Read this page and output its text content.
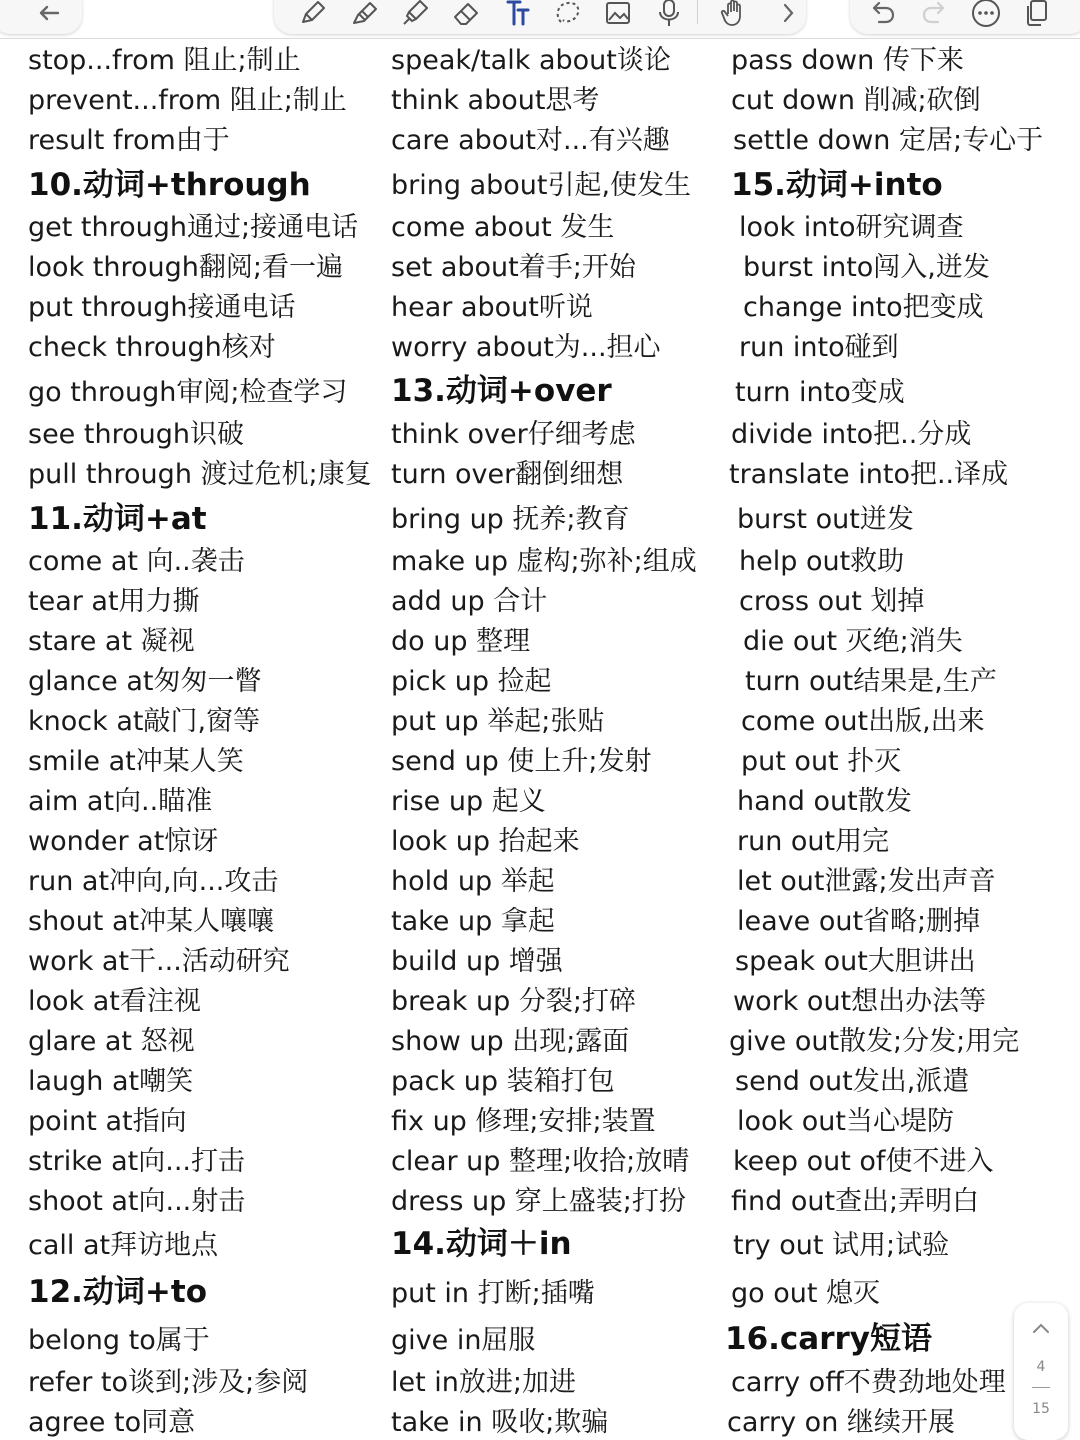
stop...from 阻止;制止
prevent...from 阻止;制止
result from由于
10.动词+through
get through通过;接通电话
look through翻阅;看一遍
put through接通电话
check through核对
go through审阅;检查学习
see through识破
pull through 渡过危机;康复
11.动词+at
come at 向..袭击
tear at用力撕
stare at 凝视
glance at匆匆一瞥
knock at敲门,窗等
smile at冲某人笑
aim at向..瞄准
wonder at惊讶
run at冲向,向...攻击
shout at冲某人嚷嚷
work at干...活动研究
look at看注视
glare at 怒视
laugh at嘲笑
point at指向
strike at向...打击
shoot at向...射击
call at拜访地点
12.动词+to
belong to属于
refer to谈到;涉及;参阅
agree to同意
speak/talk about谈论
think about思考
care about对...有兴趣
bring about引起,使发生
come about 发生
set about着手;开始
hear about听说
worry about为...担心
13.动词+over
think over仔细考虑
turn over翻倒细想
bring up 抚养;教育
make up 虚构;弥补;组成
add up 合计
do up 整理
pick up 捡起
put up 举起;张贴
send up 使上升;发射
rise up 起义
look up 抬起来
hold up 举起
take up 拿起
build up 增强
break up 分裂;打碎
show up 出现;露面
pack up 装箱打包
fix up 修理;安排;装置
clear up 整理;收拾;放晴
dress up 穿上盛装;打扮
14.动词＋in
put in 打断;插嘴
give in屈服
let in放进;加进
take in 吸收;欺骗
pass down 传下来
cut down 削减;砍倒
settle down 定居;专心于
15.动词+into
look into研究调查
burst into闯入,迸发
change into把变成
run into碰到
turn into变成
divide into把..分成
translate into把..译成
burst out迸发
help out救助
cross out 划掉
die out 灭绝;消失
turn out结果是,生产
come out出版,出来
put out 扑灭
hand out散发
run out用完
let out泄露;发出声音
leave out省略;删掉
speak out大胆讲出
work out想出办法等
give out散发;分发;用完
send out发出,派遣
look out当心堤防
keep out of使不进入
find out查出;弄明白
try out 试用;试验
go out 熄灭
16.carry短语
carry off不费劲地处理
carry on 继续开展
4
15
